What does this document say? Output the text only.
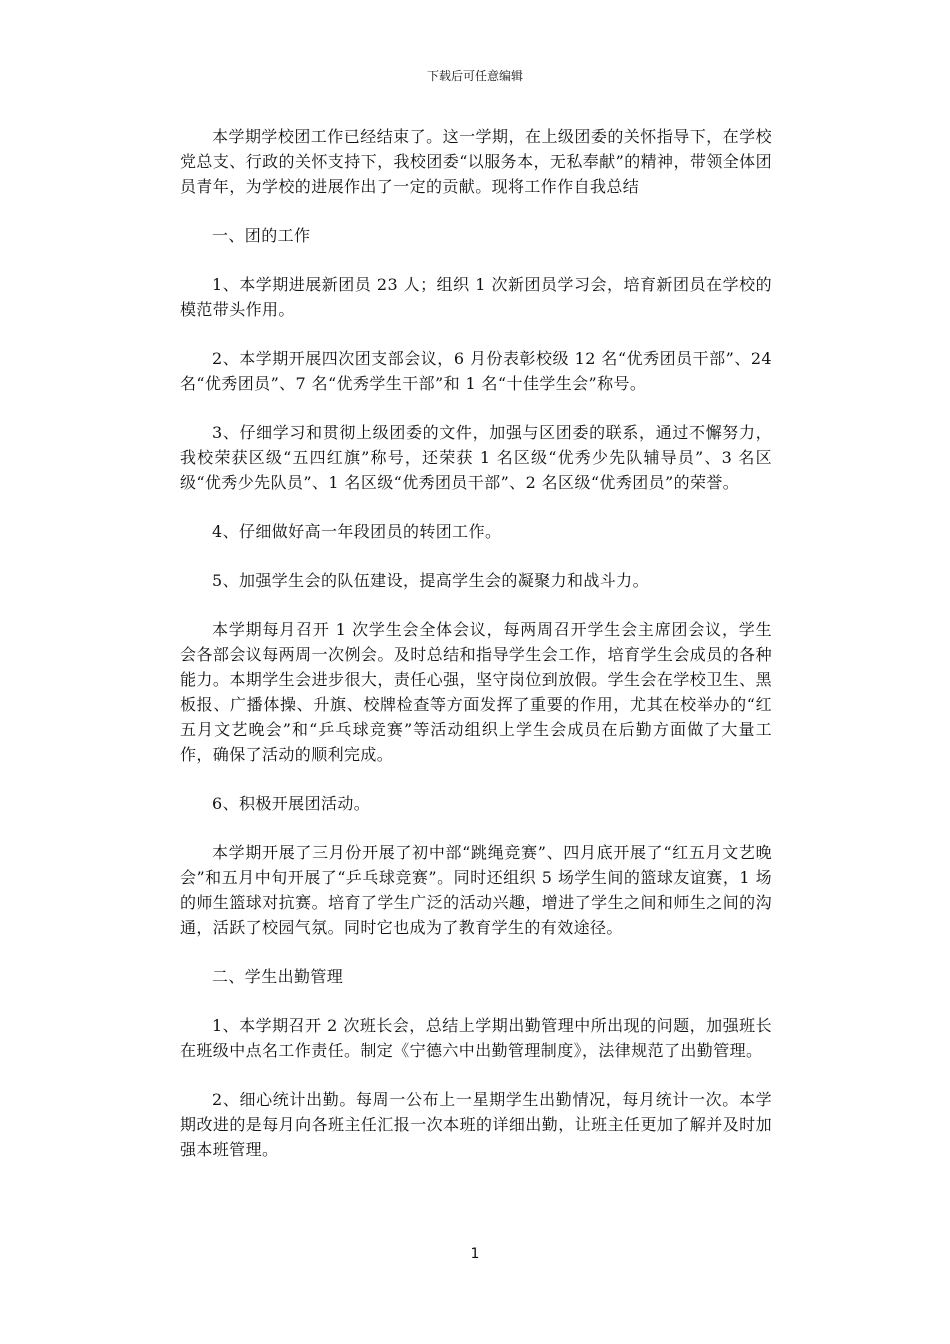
下载后可任意编辑

本学期学校团工作已经结束了。这一学期，在上级团委的关怀指导下，在学校党总支、行政的关怀支持下，我校团委“以服务本，无私奉献”的精神，带领全体团员青年，为学校的进展作出了一定的贡献。现将工作作自我总结

一、团的工作

1、本学期进展新团员 23 人；组织 1 次新团员学习会，培育新团员在学校的模范带头作用。

2、本学期开展四次团支部会议，6 月份表彰校级 12 名“优秀团员干部”、24 名“优秀团员”、7 名“优秀学生干部”和 1 名“十佳学生会”称号。

3、仔细学习和贯彻上级团委的文件，加强与区团委的联系，通过不懈努力，我校荣获区级“五四红旗”称号，还荣获 1 名区级“优秀少先队辅导员”、3 名区级“优秀少先队员”、1 名区级“优秀团员干部”、2 名区级“优秀团员”的荣誉。

4、仔细做好高一年段团员的转团工作。

5、加强学生会的队伍建设，提高学生会的凝聚力和战斗力。

本学期每月召开 1 次学生会全体会议，每两周召开学生会主席团会议，学生会各部会议每两周一次例会。及时总结和指导学生会工作，培育学生会成员的各种能力。本期学生会进步很大，责任心强，坚守岗位到放假。学生会在学校卫生、黑板报、广播体操、升旗、校牌检查等方面发挥了重要的作用，尤其在校举办的“红五月文艺晚会”和“乒乓球竞赛”等活动组织上学生会成员在后勤方面做了大量工作，确保了活动的顺利完成。

6、积极开展团活动。

本学期开展了三月份开展了初中部“跳绳竞赛”、四月底开展了“红五月文艺晚会”和五月中旬开展了“乒乓球竞赛”。同时还组织 5 场学生间的篮球友谊赛，1 场的师生篮球对抗赛。培育了学生广泛的活动兴趣，增进了学生之间和师生之间的沟通，活跃了校园气氛。同时它也成为了教育学生的有效途径。

二、学生出勤管理

1、本学期召开 2 次班长会，总结上学期出勤管理中所出现的问题，加强班长在班级中点名工作责任。制定《宁德六中出勤管理制度》，法律规范了出勤管理。

2、细心统计出勤。每周一公布上一星期学生出勤情况，每月统计一次。本学期改进的是每月向各班主任汇报一次本班的详细出勤，让班主任更加了解并及时加强本班管理。

1
